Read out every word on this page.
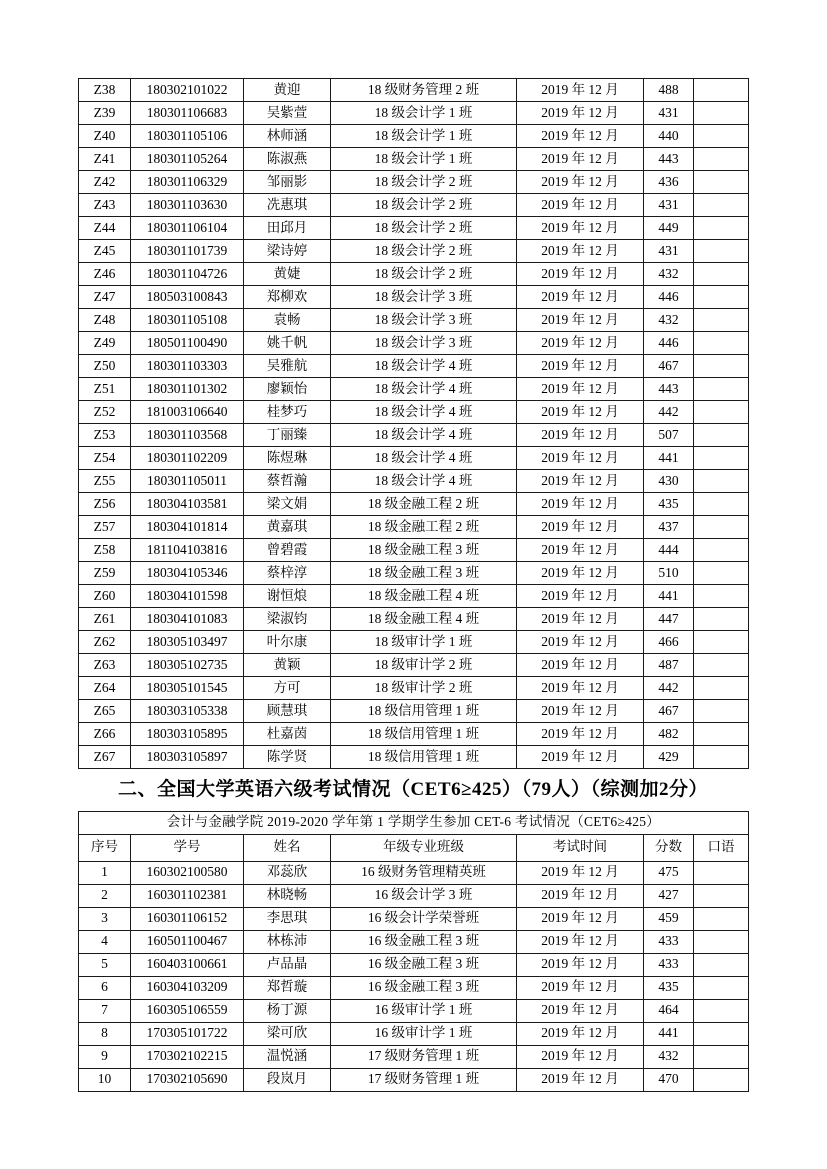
Z38	180302101022	黄迎	18 级财务管理 2 班	2019 年 12 月	488	
Z39	180301106683	吴紫萱	18 级会计学 1 班	2019 年 12 月	431	
Z40	180301105106	林师涵	18 级会计学 1 班	2019 年 12 月	440	
Z41	180301105264	陈淑燕	18 级会计学 1 班	2019 年 12 月	443	
Z42	180301106329	邹丽影	18 级会计学 2 班	2019 年 12 月	436	
Z43	180301103630	冼惠琪	18 级会计学 2 班	2019 年 12 月	431	
Z44	180301106104	田邱月	18 级会计学 2 班	2019 年 12 月	449	
Z45	180301101739	梁诗婷	18 级会计学 2 班	2019 年 12 月	431	
Z46	180301104726	黄婕	18 级会计学 2 班	2019 年 12 月	432	
Z47	180503100843	郑柳欢	18 级会计学 3 班	2019 年 12 月	446	
Z48	180301105108	袁畅	18 级会计学 3 班	2019 年 12 月	432	
Z49	180501100490	姚千帆	18 级会计学 3 班	2019 年 12 月	446	
Z50	180301103303	吴雅航	18 级会计学 4 班	2019 年 12 月	467	
Z51	180301101302	廖颖怡	18 级会计学 4 班	2019 年 12 月	443	
Z52	181003106640	桂梦巧	18 级会计学 4 班	2019 年 12 月	442	
Z53	180301103568	丁丽臻	18 级会计学 4 班	2019 年 12 月	507	
Z54	180301102209	陈煜琳	18 级会计学 4 班	2019 年 12 月	441	
Z55	180301105011	蔡哲瀚	18 级会计学 4 班	2019 年 12 月	430	
Z56	180304103581	梁文娟	18 级金融工程 2 班	2019 年 12 月	435	
Z57	180304101814	黄嘉琪	18 级金融工程 2 班	2019 年 12 月	437	
Z58	181104103816	曾碧霞	18 级金融工程 3 班	2019 年 12 月	444	
Z59	180304105346	蔡梓淳	18 级金融工程 3 班	2019 年 12 月	510	
Z60	180304101598	谢恒烺	18 级金融工程 4 班	2019 年 12 月	441	
Z61	180304101083	梁淑钧	18 级金融工程 4 班	2019 年 12 月	447	
Z62	180305103497	叶尔康	18 级审计学 1 班	2019 年 12 月	466	
Z63	180305102735	黄颖	18 级审计学 2 班	2019 年 12 月	487	
Z64	180305101545	方可	18 级审计学 2 班	2019 年 12 月	442	
Z65	180303105338	顾慧琪	18 级信用管理 1 班	2019 年 12 月	467	
Z66	180303105895	杜嘉茵	18 级信用管理 1 班	2019 年 12 月	482	
Z67	180303105897	陈学贤	18 级信用管理 1 班	2019 年 12 月	429	
二、全国大学英语六级考试情况（CET6≥425）（79人）（综测加2分）
会计与金融学院 2019-2020 学年第 1 学期学生参加 CET-6 考试情况（CET6≥425）						
序号	学号	姓名	年级专业班级	考试时间	分数	口语
1	160302100580	邓蕊欣	16 级财务管理精英班	2019 年 12 月	475	
2	160301102381	林晓畅	16 级会计学 3 班	2019 年 12 月	427	
3	160301106152	李思琪	16 级会计学荣誉班	2019 年 12 月	459	
4	160501100467	林栋沛	16 级金融工程 3 班	2019 年 12 月	433	
5	160403100661	卢品晶	16 级金融工程 3 班	2019 年 12 月	433	
6	160304103209	郑哲璇	16 级金融工程 3 班	2019 年 12 月	435	
7	160305106559	杨丁源	16 级审计学 1 班	2019 年 12 月	464	
8	170305101722	梁可欣	16 级审计学 1 班	2019 年 12 月	441	
9	170302102215	温悦涵	17 级财务管理 1 班	2019 年 12 月	432	
10	170302105690	段岚月	17 级财务管理 1 班	2019 年 12 月	470	
